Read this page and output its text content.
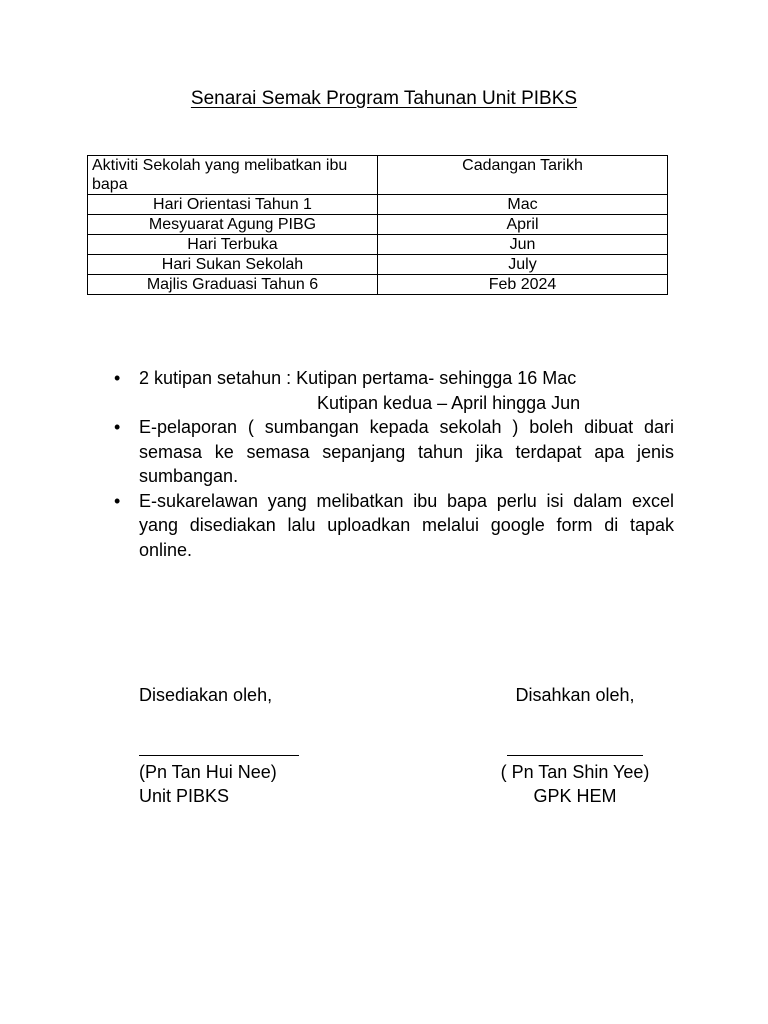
Senarai Semak Program Tahunan Unit PIBKS
Aktiviti Sekolah yang melibatkan ibu bapa	Cadangan Tarikh
Hari Orientasi Tahun 1	Mac
Mesyuarat Agung PIBG	April
Hari Terbuka	Jun
Hari Sukan Sekolah	July
Majlis Graduasi Tahun 6	Feb 2024
• 2 kutipan setahun : Kutipan pertama- sehingga 16 Mac
Kutipan kedua – April hingga Jun
• E-pelaporan ( sumbangan kepada sekolah ) boleh dibuat dari semasa ke semasa sepanjang tahun jika terdapat apa jenis sumbangan.
• E-sukarelawan yang melibatkan ibu bapa perlu isi dalam excel yang disediakan lalu uploadkan melalui google form di tapak online.
Disediakan oleh,
(Pn Tan Hui Nee)
Unit PIBKS
Disahkan oleh,
( Pn Tan Shin Yee)
GPK HEM
